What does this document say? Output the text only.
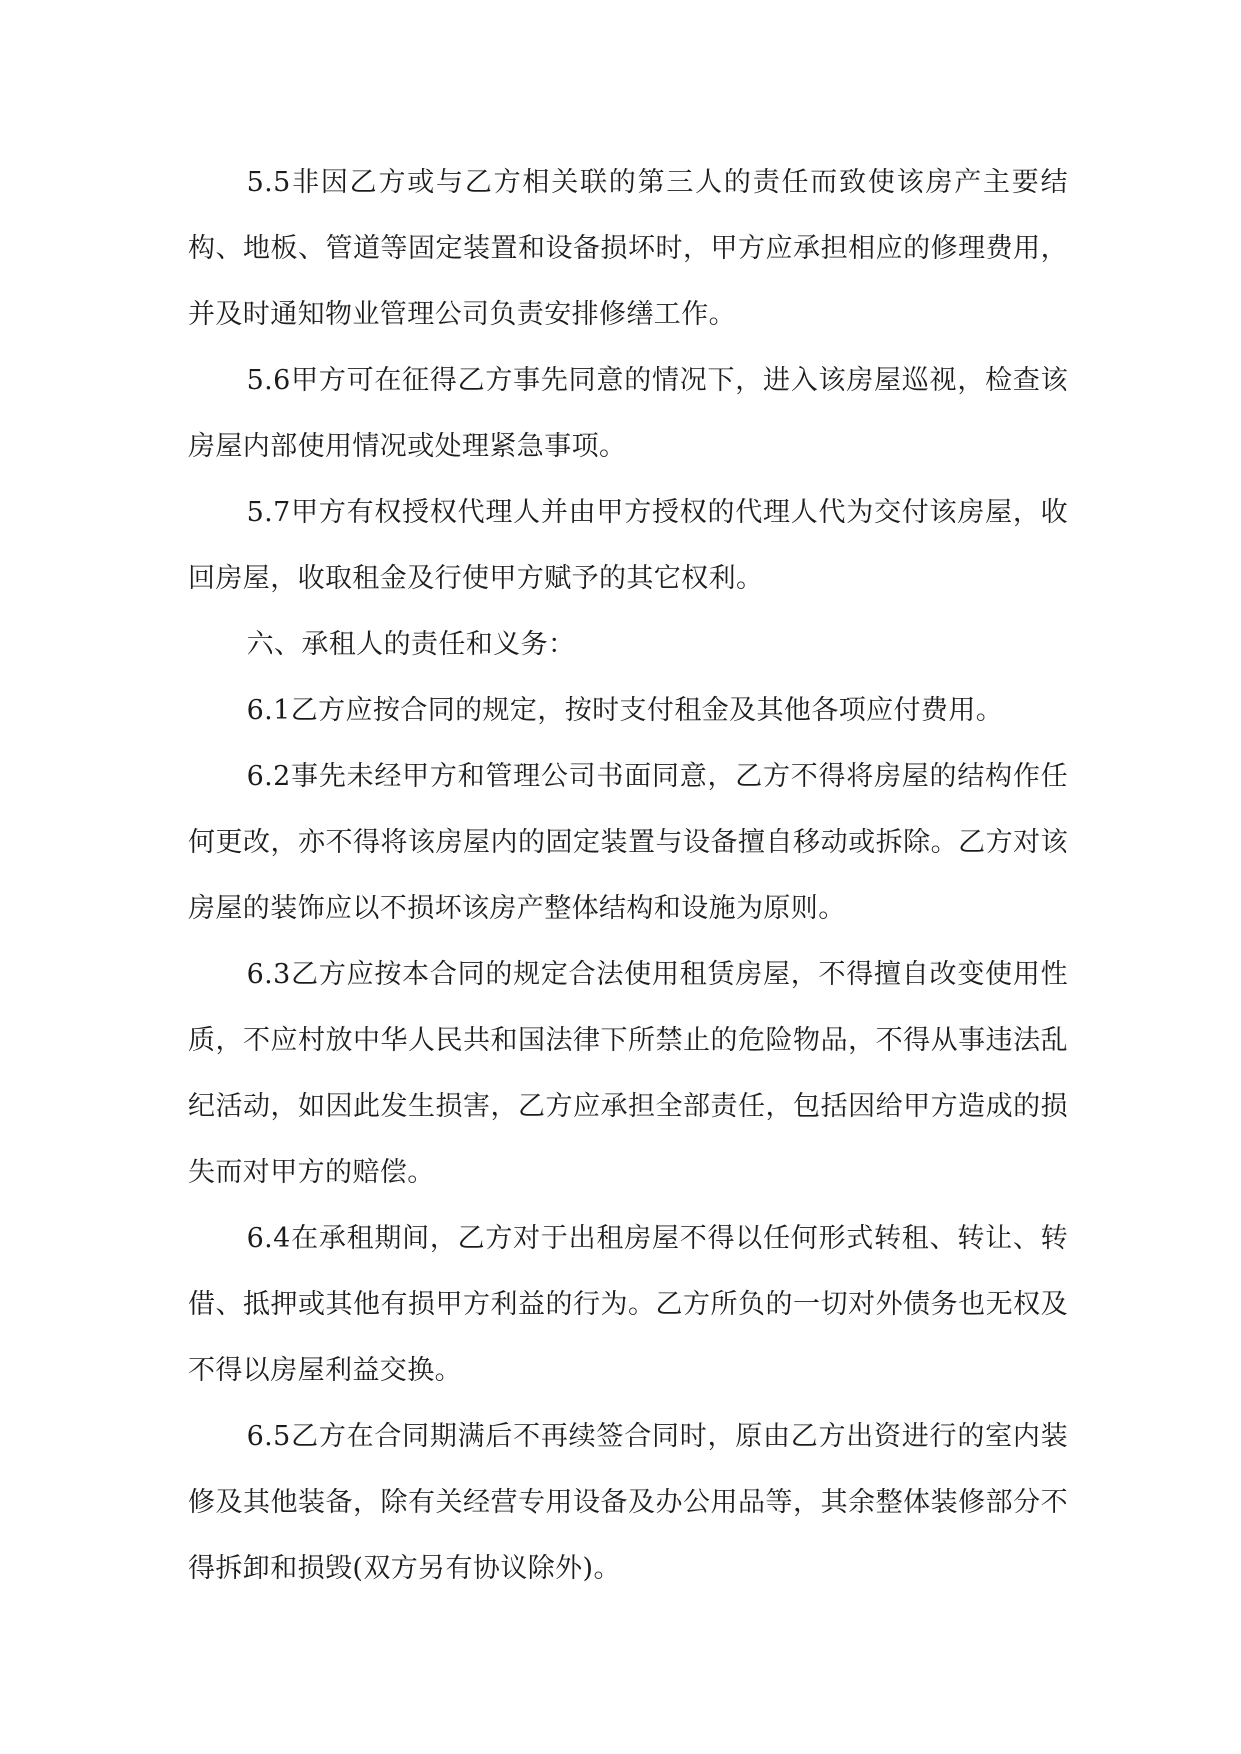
5.5非因乙方或与乙方相关联的第三人的责任而致使该房产主要结构、地板、管道等固定装置和设备损坏时，甲方应承担相应的修理费用，并及时通知物业管理公司负责安排修缮工作。

5.6甲方可在征得乙方事先同意的情况下，进入该房屋巡视，检查该房屋内部使用情况或处理紧急事项。

5.7甲方有权授权代理人并由甲方授权的代理人代为交付该房屋，收回房屋，收取租金及行使甲方赋予的其它权利。

六、承租人的责任和义务：

6.1乙方应按合同的规定，按时支付租金及其他各项应付费用。

6.2事先未经甲方和管理公司书面同意，乙方不得将房屋的结构作任何更改，亦不得将该房屋内的固定装置与设备擅自移动或拆除。乙方对该房屋的装饰应以不损坏该房产整体结构和设施为原则。

6.3乙方应按本合同的规定合法使用租赁房屋，不得擅自改变使用性质，不应村放中华人民共和国法律下所禁止的危险物品，不得从事违法乱纪活动，如因此发生损害，乙方应承担全部责任，包括因给甲方造成的损失而对甲方的赔偿。

6.4在承租期间，乙方对于出租房屋不得以任何形式转租、转让、转借、抵押或其他有损甲方利益的行为。乙方所负的一切对外债务也无权及不得以房屋利益交换。

6.5乙方在合同期满后不再续签合同时，原由乙方出资进行的室内装修及其他装备，除有关经营专用设备及办公用品等，其余整体装修部分不得拆卸和损毁(双方另有协议除外)。
